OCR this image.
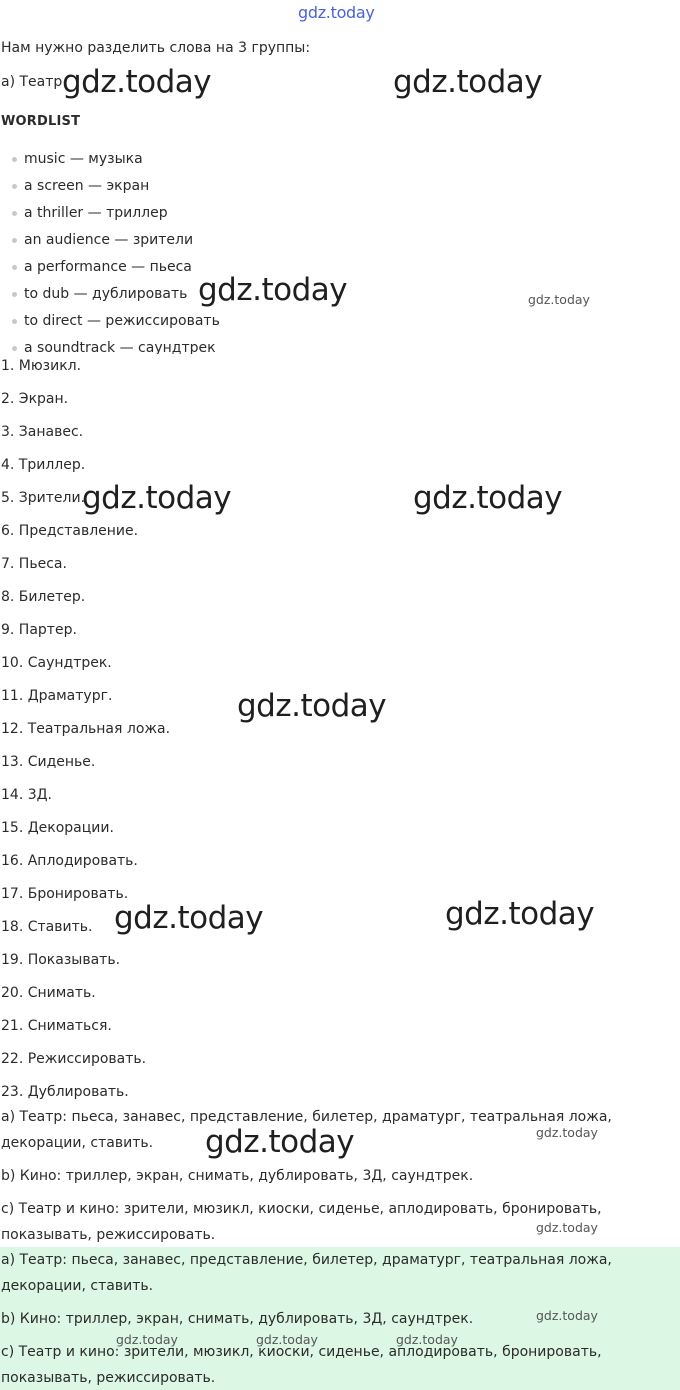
gdz.today
Нам нужно разделить слова на 3 группы:
а) Театр
WORDLIST
music — музыка
a screen — экран
a thriller — триллер
an audience — зрители
a performance — пьеса
to dub — дублировать
to direct — режиссировать
a soundtrack — саундтрек
1. Мюзикл.
2. Экран.
3. Занавес.
4. Триллер.
5. Зрители.
6. Представление.
7. Пьеса.
8. Билетер.
9. Партер.
10. Саундтрек.
11. Драматург.
12. Театральная ложа.
13. Сиденье.
14. 3Д.
15. Декорации.
16. Аплодировать.
17. Бронировать.
18. Ставить.
19. Показывать.
20. Снимать.
21. Сниматься.
22. Режиссировать.
23. Дублировать.
а) Театр: пьеса, занавес, представление, билетер, драматург, театральная ложа,
декорации, ставить.
b) Кино: триллер, экран, снимать, дублировать, 3Д, саундтрек.
c) Театр и кино: зрители, мюзикл, киоски, сиденье, аплодировать, бронировать,
показывать, режиссировать.
а) Театр: пьеса, занавес, представление, билетер, драматург, театральная ложа,
декорации, ставить.
b) Кино: триллер, экран, снимать, дублировать, 3Д, саундтрек.
c) Театр и кино: зрители, мюзикл, киоски, сиденье, аплодировать, бронировать,
показывать, режиссировать.
gdz.today	gdz.today
gdz.today
gdz.today	gdz.today
gdz.today
gdz.today	gdz.today
gdz.today
gdz.today
gdz.today
gdz.today
gdz.today
gdz.today	gdz.today	gdz.today
